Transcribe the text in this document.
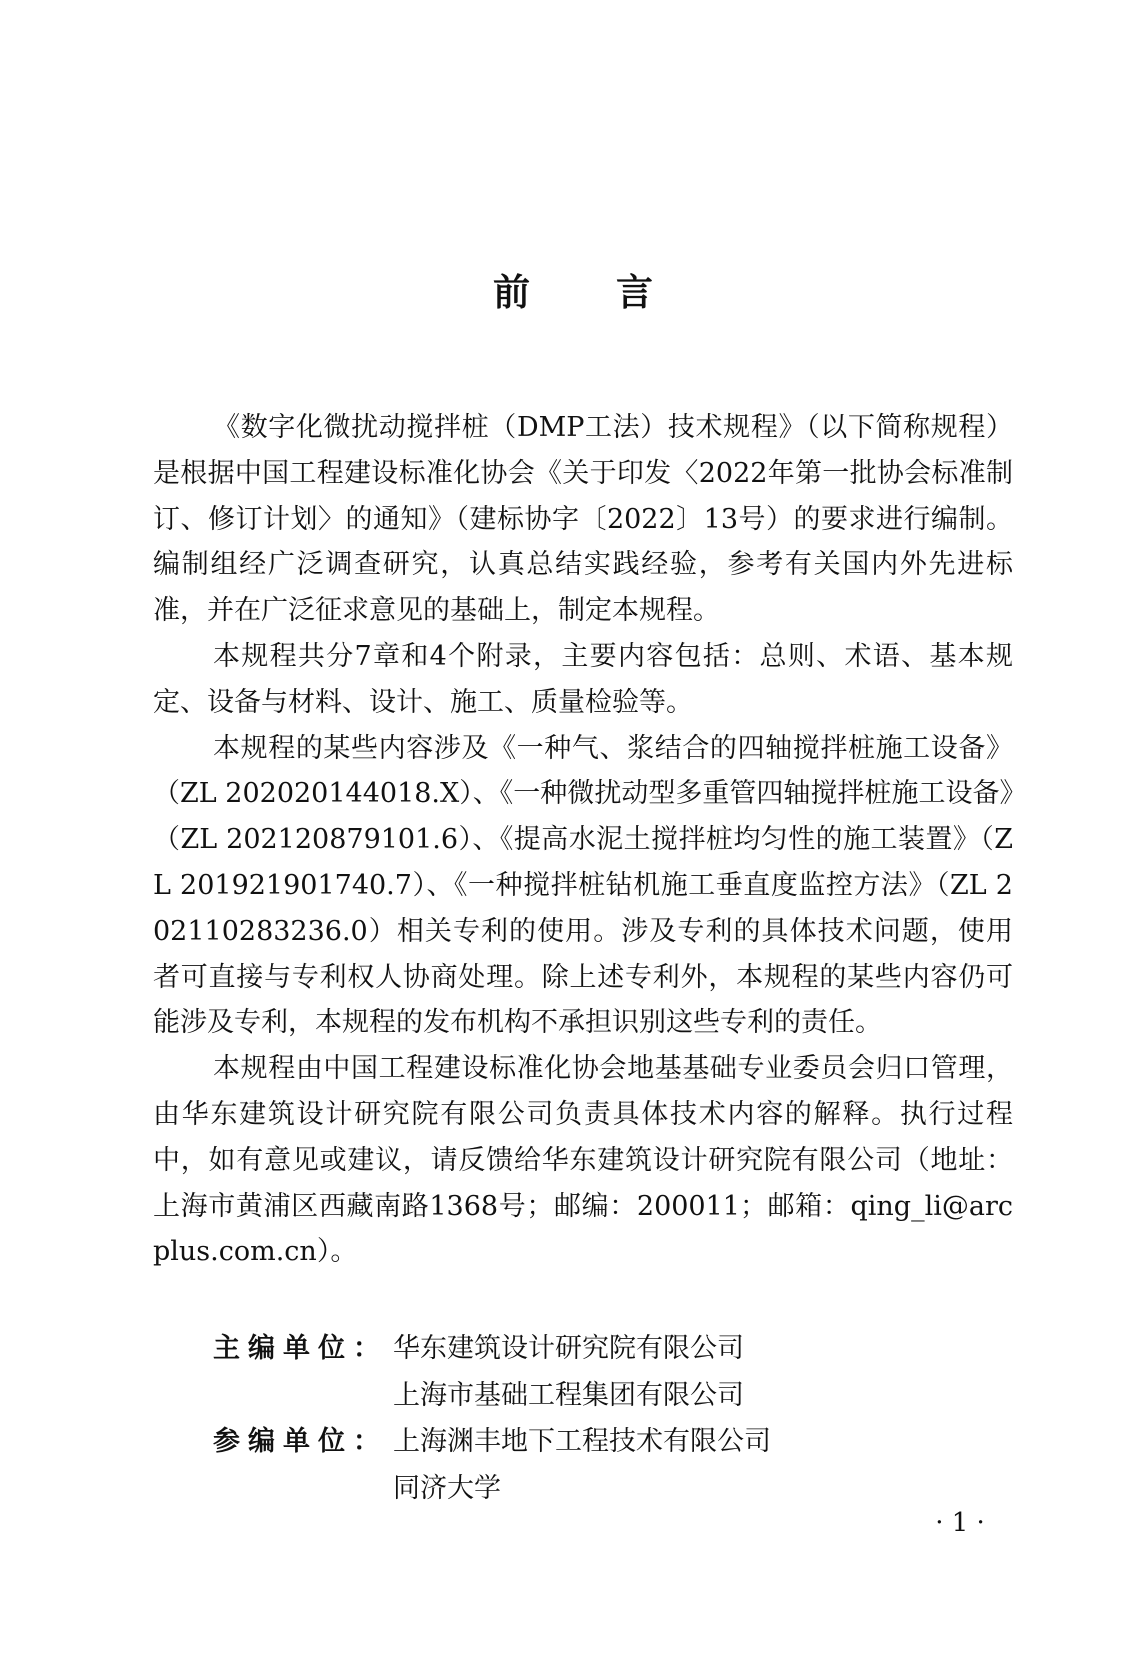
前 言

《数字化微扰动搅拌桩（DMP工法）技术规程》（以下简称规程）是根据中国工程建设标准化协会《关于印发〈2022年第一批协会标准制订、修订计划〉的通知》（建标协字〔2022〕13号）的要求进行编制。编制组经广泛调查研究，认真总结实践经验，参考有关国内外先进标准，并在广泛征求意见的基础上，制定本规程。

本规程共分7章和4个附录，主要内容包括：总则、术语、基本规定、设备与材料、设计、施工、质量检验等。

本规程的某些内容涉及《一种气、浆结合的四轴搅拌桩施工设备》（ZL 202020144018.X）、《一种微扰动型多重管四轴搅拌桩施工设备》（ZL 202120879101.6）、《提高水泥土搅拌桩均匀性的施工装置》（ZL 201921901740.7）、《一种搅拌桩钻机施工垂直度监控方法》（ZL 202110283236.0）相关专利的使用。涉及专利的具体技术问题，使用者可直接与专利权人协商处理。除上述专利外，本规程的某些内容仍可能涉及专利，本规程的发布机构不承担识别这些专利的责任。

本规程由中国工程建设标准化协会地基基础专业委员会归口管理，由华东建筑设计研究院有限公司负责具体技术内容的解释。执行过程中，如有意见或建议，请反馈给华东建筑设计研究院有限公司（地址：上海市黄浦区西藏南路1368号；邮编：200011；邮箱：qing_li@arcplus.com.cn）。

主编单位： 华东建筑设计研究院有限公司
上海市基础工程集团有限公司
参编单位： 上海渊丰地下工程技术有限公司
同济大学
· 1 ·
